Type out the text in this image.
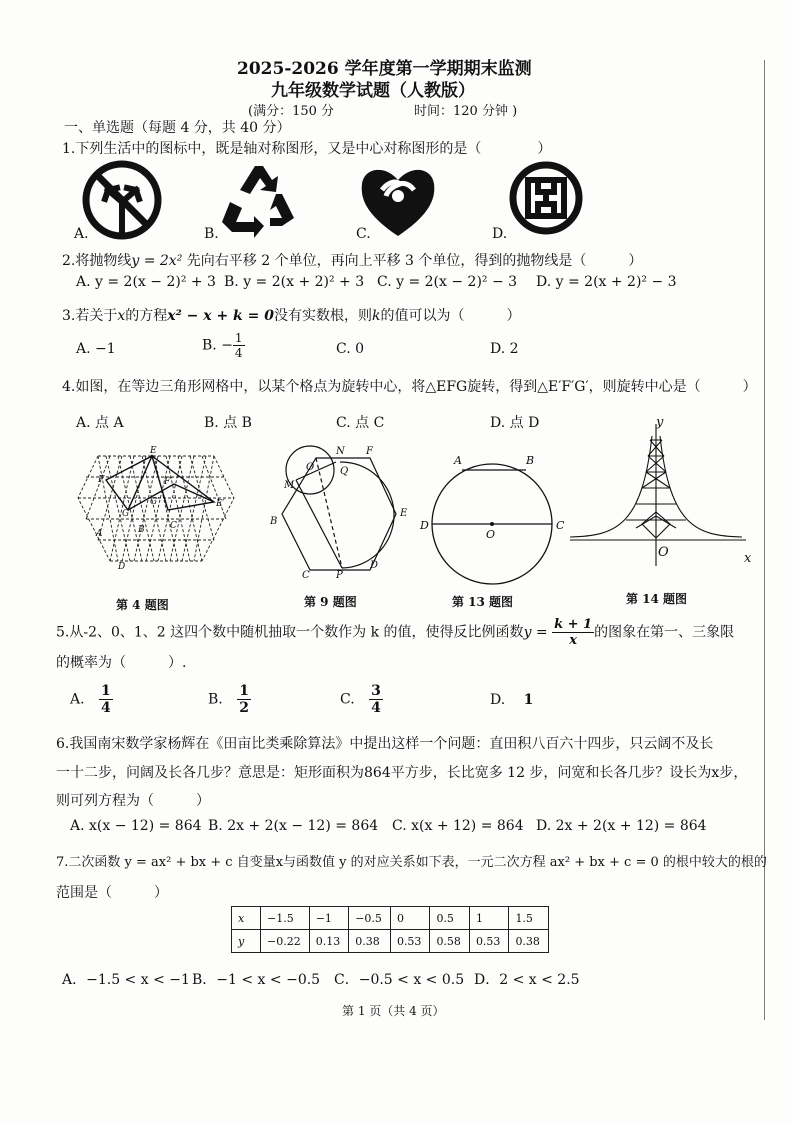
2025-2026 学年度第一学期期末监测
九年级数学试题（人教版）
(满分：150 分	时间：120 分钟 )
一、单选题（每题 4 分，共 40 分）
1.下列生活中的图标中，既是轴对称图形，又是中心对称图形的是（　　　　）
A.	B.	C.	D.
2.将抛物线y = 2x² 先向右平移 2 个单位，再向上平移 3 个单位，得到的抛物线是（　　　）
A. y = 2(x − 2)² + 3 B. y = 2(x + 2)² + 3 C. y = 2(x − 2)² − 3 D. y = 2(x + 2)² − 3
3.若关于x的方程x² − x + k = 0没有实数根，则k的值可以为（　　　）
A. −1	B. − $\frac{1}{4}$	C. 0	D. 2
4.如图，在等边三角形网格中，以某个格点为旋转中心，将△EFG旋转，得到△E′F′G′，则旋转中心是（　　　）
A. 点 A	B. 点 B	C. 点 C	D. 点 D
E
F
E′
G′
G
F′
A	B	C
D
第 4 题图
N F
O	Q
M
B
E
C	P
D
第 9 题图
A	B
D
O
C
第 13 题图
y
O	x
第 14 题图
5.从-2、0、1、2 这四个数中随机抽取一个数作为 k 的值，使得反比例函数$y = \frac{k + 1}{x}$ 的图象在第一、三象限
的概率为（　　　）.
A. $\frac{1}{4}$	B. $\frac{1}{2}$	C. $\frac{3}{4}$	D. 1
6.我国南宋数学家杨辉在《田亩比类乘除算法》中提出这样一个问题：直田积八百六十四步，只云阔不及长
一十二步，问阔及长各几步？意思是：矩形面积为864平方步，长比宽多 12 步，问宽和长各几步？设长为x步，
则可列方程为（　　　）
A. x(x − 12) = 864 B. 2x + 2(x − 12) = 864 C. x(x + 12) = 864 D. 2x + 2(x + 12) = 864
7.二次函数 y = ax² + bx + c 自变量x与函数值 y 的对应关系如下表，一元二次方程 ax² + bx + c = 0 的根中较大的根的
范围是（　　　）
x	−1.5	−1	−0.5	0	0.5	1	1.5
y	−0.22	0.13	0.38	0.53	0.58	0.53	0.38
A．−1.5 < x < −1 B．−1 < x < −0.5 C．−0.5 < x < 0.5 D．2 < x < 2.5
第 1 页（共 4 页）
